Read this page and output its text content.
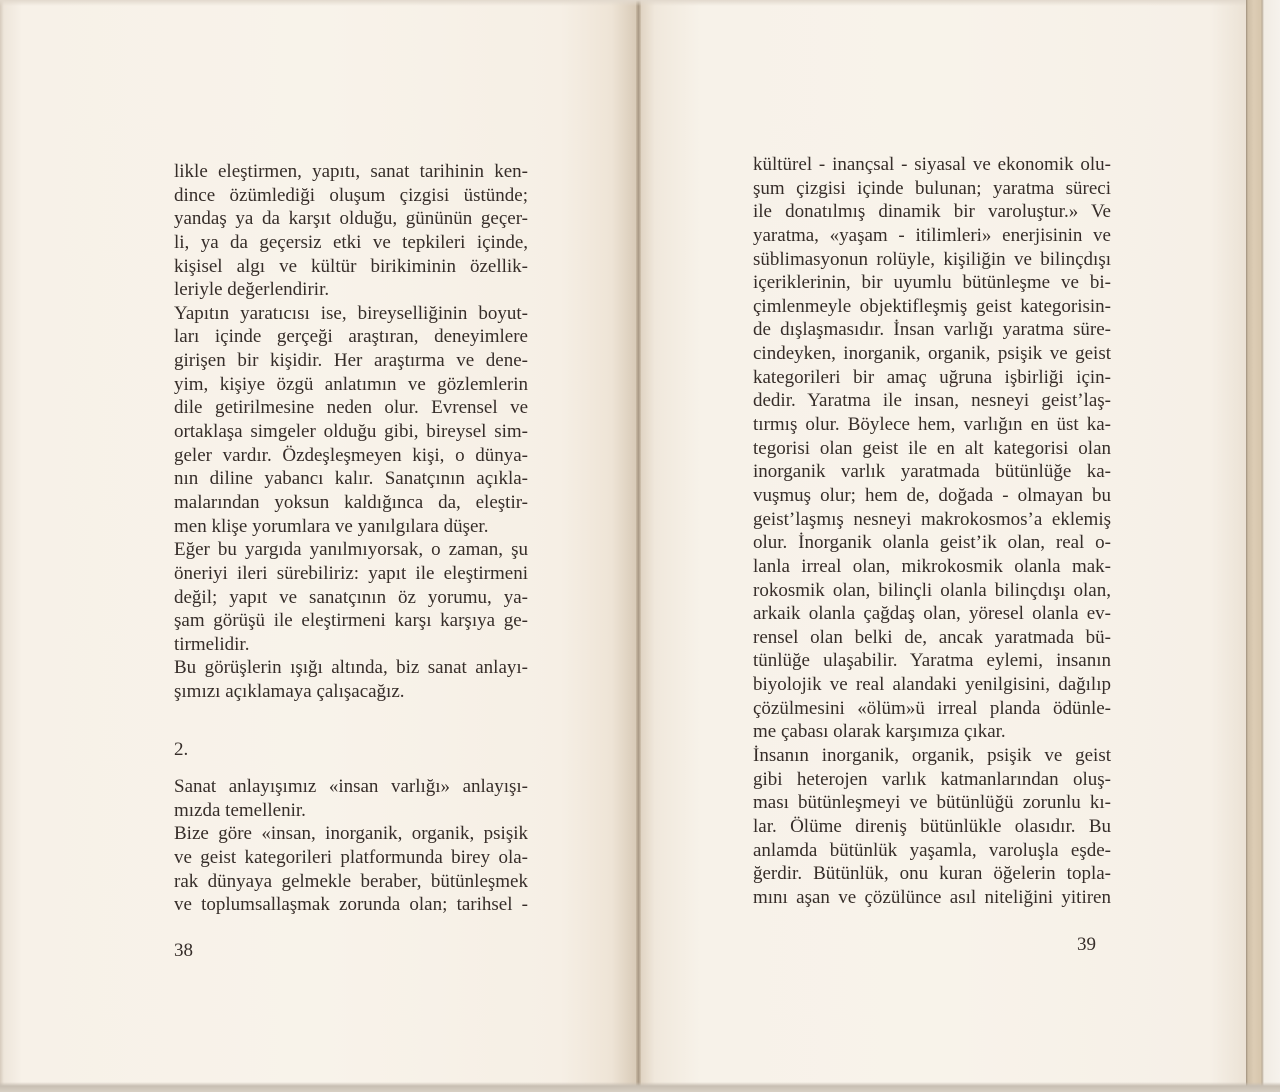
likle eleştirmen, yapıtı, sanat tarihinin ken-
dince özümlediği oluşum çizgisi üstünde;
yandaş ya da karşıt olduğu, gününün geçer-
li, ya da geçersiz etki ve tepkileri içinde,
kişisel algı ve kültür birikiminin özellik-
leriyle değerlendirir.
Yapıtın yaratıcısı ise, bireyselliğinin boyut-
ları içinde gerçeği araştıran, deneyimlere
girişen bir kişidir. Her araştırma ve dene-
yim, kişiye özgü anlatımın ve gözlemlerin
dile getirilmesine neden olur. Evrensel ve
ortaklaşa simgeler olduğu gibi, bireysel sim-
geler vardır. Özdeşleşmeyen kişi, o dünya-
nın diline yabancı kalır. Sanatçının açıkla-
malarından yoksun kaldığınca da, eleştir-
men klişe yorumlara ve yanılgılara düşer.
Eğer bu yargıda yanılmıyorsak, o zaman, şu
öneriyi ileri sürebiliriz: yapıt ile eleştirmeni
değil; yapıt ve sanatçının öz yorumu, ya-
şam görüşü ile eleştirmeni karşı karşıya ge-
tirmelidir.
Bu görüşlerin ışığı altında, biz sanat anlayı-
şımızı açıklamaya çalışacağız.
2.
Sanat anlayışımız «insan varlığı» anlayışı-
mızda temellenir.
Bize göre «insan, inorganik, organik, psişik
ve geist kategorileri platformunda birey ola-
rak dünyaya gelmekle beraber, bütünleşmek
ve toplumsallaşmak zorunda olan; tarihsel -
38
kültürel - inançsal - siyasal ve ekonomik olu-
şum çizgisi içinde bulunan; yaratma süreci
ile donatılmış dinamik bir varoluştur.» Ve
yaratma, «yaşam - itilimleri» enerjisinin ve
süblimasyonun rolüyle, kişiliğin ve bilinçdışı
içeriklerinin, bir uyumlu bütünleşme ve bi-
çimlenmeyle objektifleşmiş geist kategorisin-
de dışlaşmasıdır. İnsan varlığı yaratma süre-
cindeyken, inorganik, organik, psişik ve geist
kategorileri bir amaç uğruna işbirliği için-
dedir. Yaratma ile insan, nesneyi geist’laş-
tırmış olur. Böylece hem, varlığın en üst ka-
tegorisi olan geist ile en alt kategorisi olan
inorganik varlık yaratmada bütünlüğe ka-
vuşmuş olur; hem de, doğada - olmayan bu
geist’laşmış nesneyi makrokosmos’a eklemiş
olur. İnorganik olanla geist’ik olan, real o-
lanla irreal olan, mikrokosmik olanla mak-
rokosmik olan, bilinçli olanla bilinçdışı olan,
arkaik olanla çağdaş olan, yöresel olanla ev-
rensel olan belki de, ancak yaratmada bü-
tünlüğe ulaşabilir. Yaratma eylemi, insanın
biyolojik ve real alandaki yenilgisini, dağılıp
çözülmesini «ölüm»ü irreal planda ödünle-
me çabası olarak karşımıza çıkar.
İnsanın inorganik, organik, psişik ve geist
gibi heterojen varlık katmanlarından oluş-
ması bütünleşmeyi ve bütünlüğü zorunlu kı-
lar. Ölüme direniş bütünlükle olasıdır. Bu
anlamda bütünlük yaşamla, varoluşla eşde-
ğerdir. Bütünlük, onu kuran öğelerin topla-
mını aşan ve çözülünce asıl niteliğini yitiren
39
